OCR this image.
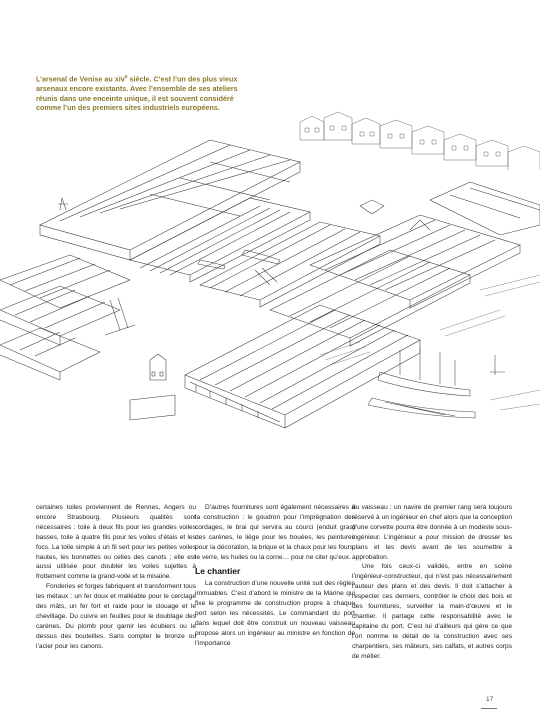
L’arsenal de Venise au xiv$^e$ siècle. C’est l’un des plus vieux arsenaux encore existants. Avec l’ensemble de ses ateliers réunis dans une enceinte unique, il est souvent considéré comme l’un des premiers sites industriels européens.

certaines toiles proviennent de Rennes, Angers ou encore Strasbourg. Plusieurs qualités sont nécessaires : toile à deux fils pour les grandes voiles basses, toile à quatre fils pour les voiles d’étais et les focs. La toile simple à un fil sert pour les petites voiles hautes, les bonnettes ou celles des canots ; elle est aussi utilisée pour doubler les voiles sujettes à frottement comme la grand-voile et la misaine.

Fonderies et forges fabriquent et transforment tous les métaux : un fer doux et malléable pour le cerclage des mâts, un fer fort et raide pour le clouage et le chevillage. Du cuivre en feuilles pour le doublage des carènes. Du plomb pour garnir les écubiers ou le dessus des bouteilles. Sans compter le bronze ou l’acier pour les canons.

D’autres fournitures sont également nécessaires à la construction : le goudron pour l’imprégnation des cordages, le brai qui servira au courci (enduit gras) des carènes, le liège pour les bouées, les peintures pour la décoration, la brique et la chaux pour les fours, le verre, les huiles ou la corne… pour ne citer qu’eux.

Le chantier

La construction d’une nouvelle unité suit des règles immuables. C’est d’abord le ministre de la Marine qui fixe le programme de construction propre à chaque port selon les nécessités. Le commandant du port dans lequel doit être construit un nouveau vaisseau propose alors un ingénieur au ministre en fonction de l’importance

du vaisseau : un navire de premier rang sera toujours réservé à un ingénieur en chef alors que la conception d’une corvette pourra être donnée à un modeste sous-ingénieur. L’ingénieur a pour mission de dresser les plans et les devis avant de les soumettre à approbation.

Une fois ceux-ci validés, entre en scène l’ingénieur-constructeur, qui n’est pas nécessairement l’auteur des plans et des devis. Il doit s’attacher à respecter ces derniers, contrôler le choix des bois et des fournitures, surveiller la main-d’œuvre et le chantier. Il partage cette responsabilité avec le capitaine du port. C’est lui d’ailleurs qui gère ce que l’on nomme le détail de la construction avec ses charpentiers, ses mâteurs, ses calfats, et autres corps de métier.

17
